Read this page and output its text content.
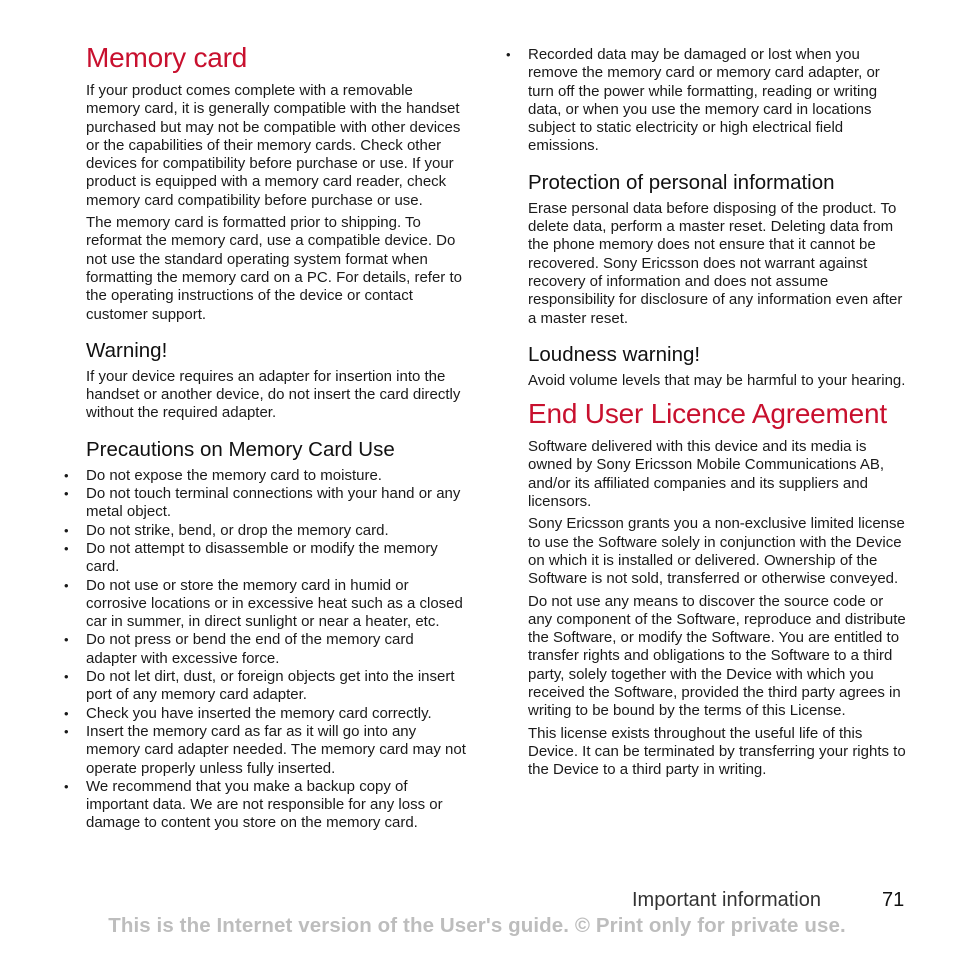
Memory card

If your product comes complete with a removable memory card, it is generally compatible with the handset purchased but may not be compatible with other devices or the capabilities of their memory cards. Check other devices for compatibility before purchase or use. If your product is equipped with a memory card reader, check memory card compatibility before purchase or use.

The memory card is formatted prior to shipping. To reformat the memory card, use a compatible device. Do not use the standard operating system format when formatting the memory card on a PC. For details, refer to the operating instructions of the device or contact customer support.

Warning!

If your device requires an adapter for insertion into the handset or another device, do not insert the card directly without the required adapter.

Precautions on Memory Card Use
• Do not expose the memory card to moisture.
• Do not touch terminal connections with your hand or any metal object.
• Do not strike, bend, or drop the memory card.
• Do not attempt to disassemble or modify the memory card.
• Do not use or store the memory card in humid or corrosive locations or in excessive heat such as a closed car in summer, in direct sunlight or near a heater, etc.
• Do not press or bend the end of the memory card adapter with excessive force.
• Do not let dirt, dust, or foreign objects get into the insert port of any memory card adapter.
• Check you have inserted the memory card correctly.
• Insert the memory card as far as it will go into any memory card adapter needed. The memory card may not operate properly unless fully inserted.
• We recommend that you make a backup copy of important data. We are not responsible for any loss or damage to content you store on the memory card.
• Recorded data may be damaged or lost when you remove the memory card or memory card adapter, or turn off the power while formatting, reading or writing data, or when you use the memory card in locations subject to static electricity or high electrical field emissions.
Protection of personal information

Erase personal data before disposing of the product. To delete data, perform a master reset. Deleting data from the phone memory does not ensure that it cannot be recovered. Sony Ericsson does not warrant against recovery of information and does not assume responsibility for disclosure of any information even after a master reset.

Loudness warning!

Avoid volume levels that may be harmful to your hearing.

End User Licence Agreement

Software delivered with this device and its media is owned by Sony Ericsson Mobile Communications AB, and/or its affiliated companies and its suppliers and licensors.

Sony Ericsson grants you a non-exclusive limited license to use the Software solely in conjunction with the Device on which it is installed or delivered. Ownership of the Software is not sold, transferred or otherwise conveyed.

Do not use any means to discover the source code or any component of the Software, reproduce and distribute the Software, or modify the Software. You are entitled to transfer rights and obligations to the Software to a third party, solely together with the Device with which you received the Software, provided the third party agrees in writing to be bound by the terms of this License.

This license exists throughout the useful life of this Device. It can be terminated by transferring your rights to the Device to a third party in writing.

Important information	71
This is the Internet version of the User's guide. © Print only for private use.
